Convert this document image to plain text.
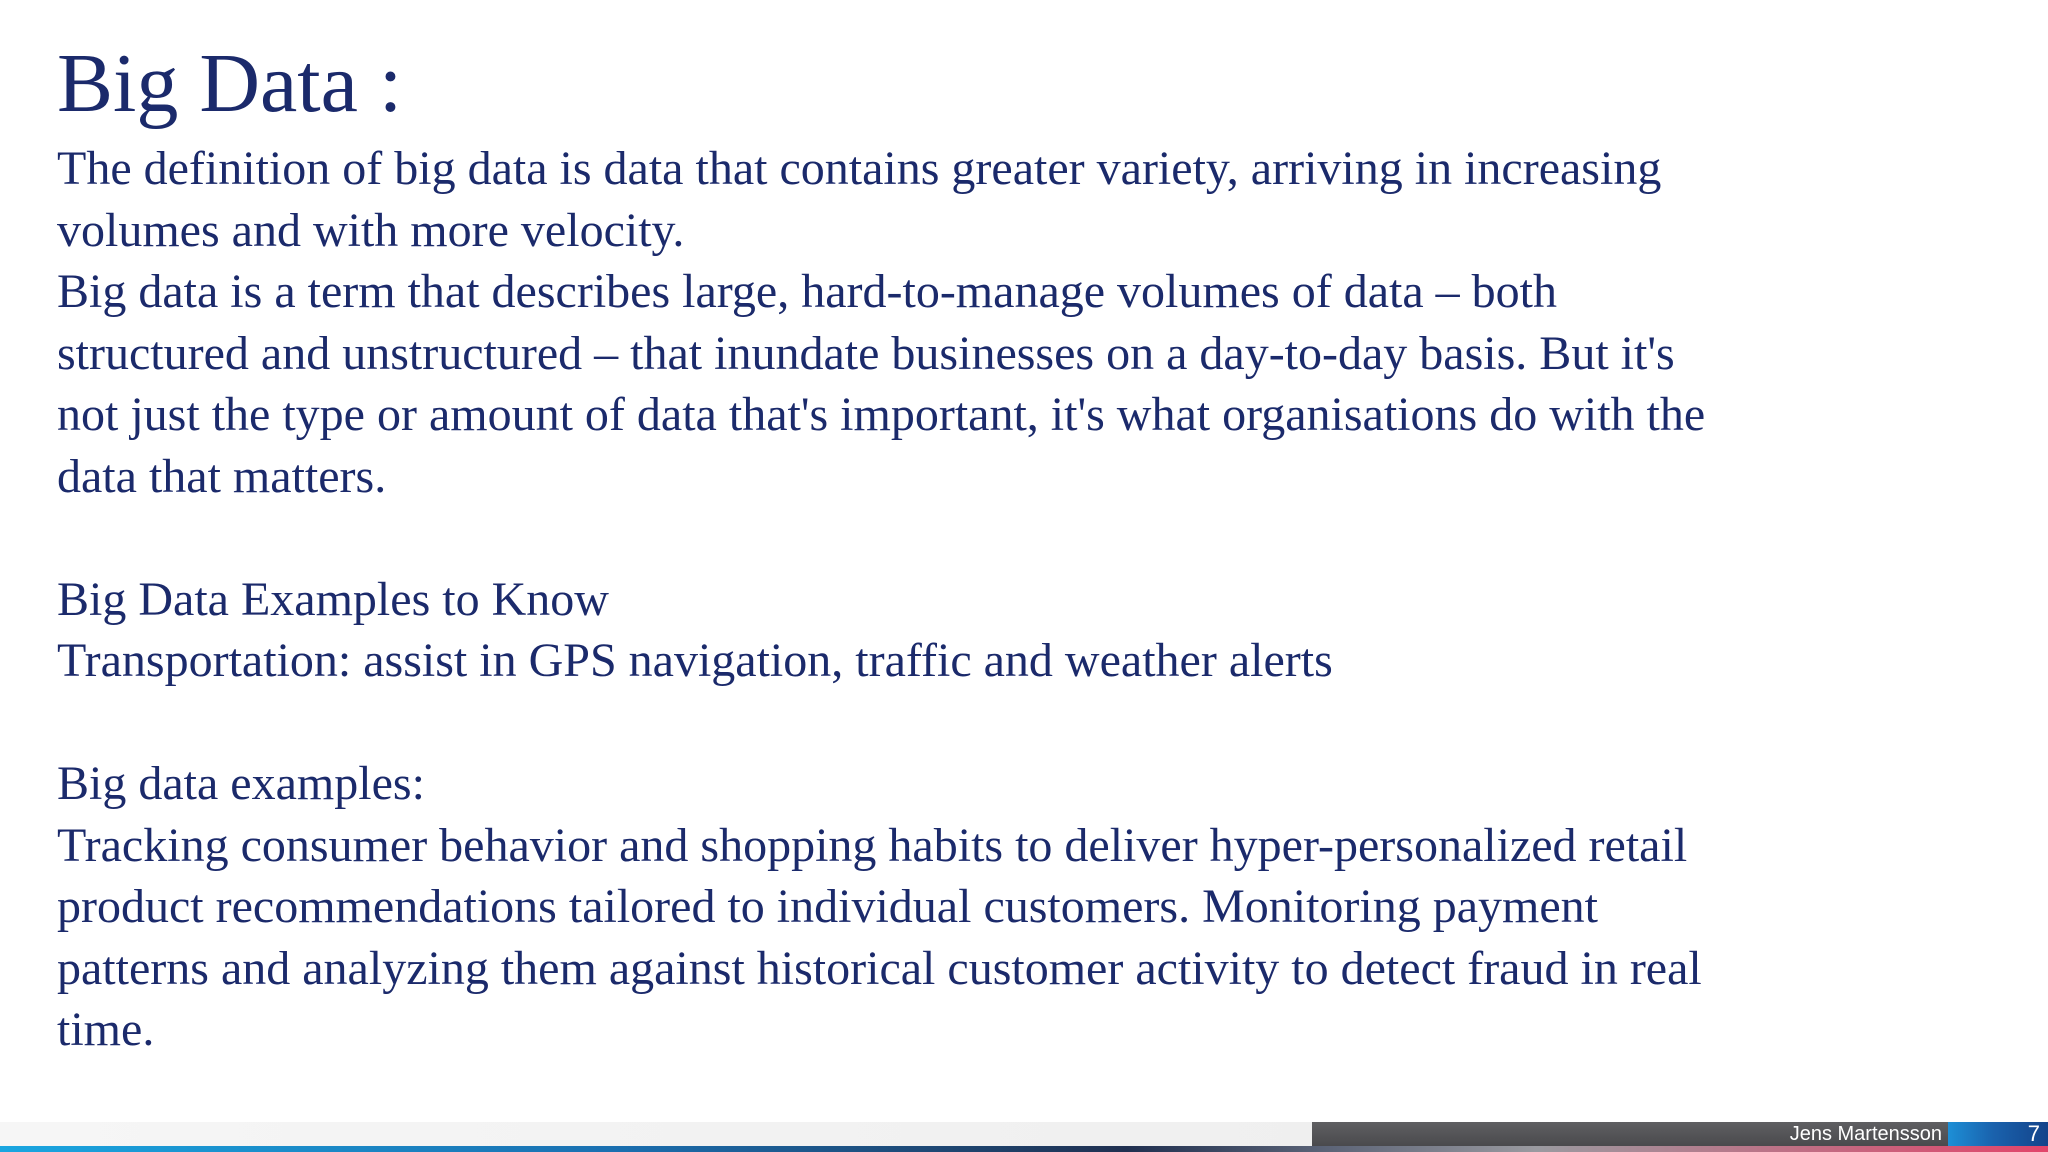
Big Data :

The definition of big data is data that contains greater variety, arriving in increasing
volumes and with more velocity.

Big data is a term that describes large, hard-to-manage volumes of data – both
structured and unstructured – that inundate businesses on a day-to-day basis. But it's
not just the type or amount of data that's important, it's what organisations do with the
data that matters.

Big Data Examples to Know

Transportation: assist in GPS navigation, traffic and weather alerts

Big data examples:

Tracking consumer behavior and shopping habits to deliver hyper-personalized retail
product recommendations tailored to individual customers. Monitoring payment
patterns and analyzing them against historical customer activity to detect fraud in real
time.

Jens Martensson	7
